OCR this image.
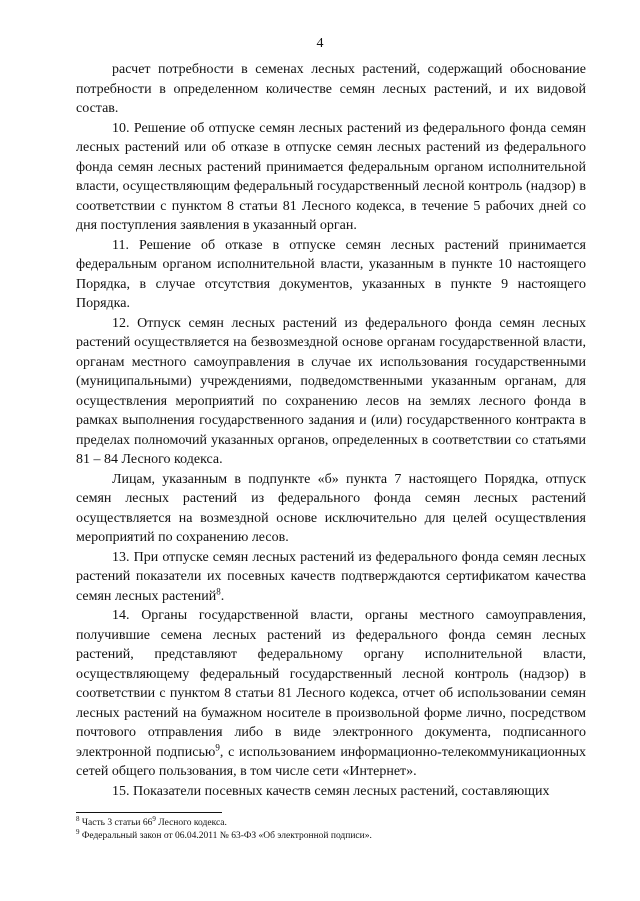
4

расчет потребности в семенах лесных растений, содержащий обоснование потребности в определенном количестве семян лесных растений, и их видовой состав.

10. Решение об отпуске семян лесных растений из федерального фонда семян лесных растений или об отказе в отпуске семян лесных растений из федерального фонда семян лесных растений принимается федеральным органом исполнительной власти, осуществляющим федеральный государственный лесной контроль (надзор) в соответствии с пунктом 8 статьи 81 Лесного кодекса, в течение 5 рабочих дней со дня поступления заявления в указанный орган.

11. Решение об отказе в отпуске семян лесных растений принимается федеральным органом исполнительной власти, указанным в пункте 10 настоящего Порядка, в случае отсутствия документов, указанных в пункте 9 настоящего Порядка.

12. Отпуск семян лесных растений из федерального фонда семян лесных растений осуществляется на безвозмездной основе органам государственной власти, органам местного самоуправления в случае их использования государственными (муниципальными) учреждениями, подведомственными указанным органам, для осуществления мероприятий по сохранению лесов на землях лесного фонда в рамках выполнения государственного задания и (или) государственного контракта в пределах полномочий указанных органов, определенных в соответствии со статьями 81 – 84 Лесного кодекса.

Лицам, указанным в подпункте «б» пункта 7 настоящего Порядка, отпуск семян лесных растений из федерального фонда семян лесных растений осуществляется на возмездной основе исключительно для целей осуществления мероприятий по сохранению лесов.

13. При отпуске семян лесных растений из федерального фонда семян лесных растений показатели их посевных качеств подтверждаются сертификатом качества семян лесных растений$^8$.

14. Органы государственной власти, органы местного самоуправления, получившие семена лесных растений из федерального фонда семян лесных растений, представляют федеральному органу исполнительной власти, осуществляющему федеральный государственный лесной контроль (надзор) в соответствии с пунктом 8 статьи 81 Лесного кодекса, отчет об использовании семян лесных растений на бумажном носителе в произвольной форме лично, посредством почтового отправления либо в виде электронного документа, подписанного электронной подписью$^9$, с использованием информационно-телекоммуникационных сетей общего пользования, в том числе сети «Интернет».

15. Показатели посевных качеств семян лесных растений, составляющих

$^8$ Часть 3 статьи $66^9$ Лесного кодекса.

$^9$ Федеральный закон от 06.04.2011 № 63-ФЗ «Об электронной подписи».
